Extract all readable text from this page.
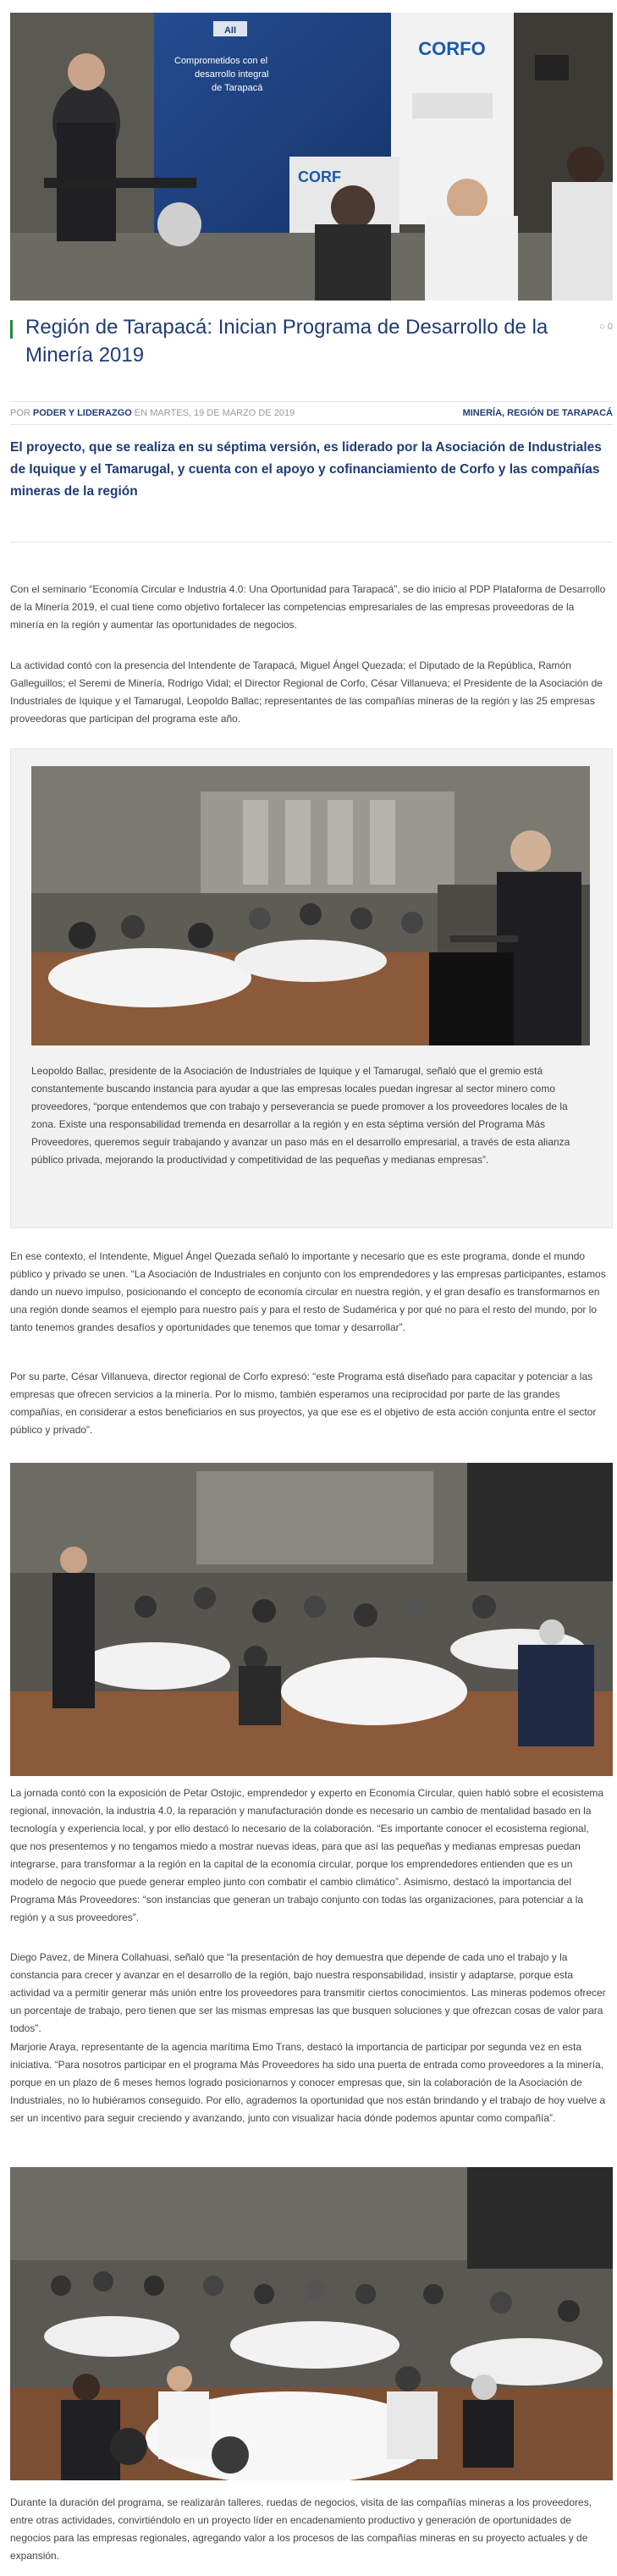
AII
Comprometidos con el
desarrollo integral
de Tarapacá
CORFO
CORF
Región de Tarapacá: Inician Programa de Desarrollo de la Minería 2019
○ 0
POR PODER Y LIDERAZGO EN MARTES, 19 DE MARZO DE 2019	MINERÍA, REGIÓN DE TARAPACÁ
El proyecto, que se realiza en su séptima versión, es liderado por la Asociación de Industriales de Iquique y el Tamarugal, y cuenta con el apoyo y cofinanciamiento de Corfo y las compañías mineras de la región

Con el seminario “Economía Circular e Industria 4.0: Una Oportunidad para Tarapacá”, se dio inicio al PDP Plataforma de Desarrollo de la Minería 2019, el cual tiene como objetivo fortalecer las competencias empresariales de las empresas proveedoras de la minería en la región y aumentar las oportunidades de negocios.

La actividad contó con la presencia del Intendente de Tarapacá, Miguel Ángel Quezada; el Diputado de la República, Ramón Galleguillos; el Seremi de Minería, Rodrigo Vidal; el Director Regional de Corfo, César Villanueva; el Presidente de la Asociación de Industriales de Iquique y el Tamarugal, Leopoldo Ballac; representantes de las compañías mineras de la región y las 25 empresas proveedoras que participan del programa este año.

Leopoldo Ballac, presidente de la Asociación de Industriales de Iquique y el Tamarugal, señaló que el gremio está constantemente buscando instancia para ayudar a que las empresas locales puedan ingresar al sector minero como proveedores, “porque entendemos que con trabajo y perseverancia se puede promover a los proveedores locales de la zona. Existe una responsabilidad tremenda en desarrollar a la región y en esta séptima versión del Programa Más Proveedores, queremos seguir trabajando y avanzar un paso más en el desarrollo empresarial, a través de esta alianza público privada, mejorando la productividad y competitividad de las pequeñas y medianas empresas”.

En ese contexto, el Intendente, Miguel Ángel Quezada señaló lo importante y necesario que es este programa, donde el mundo público y privado se unen. “La Asociación de Industriales en conjunto con los emprendedores y las empresas participantes, estamos dando un nuevo impulso, posicionando el concepto de economía circular en nuestra región, y el gran desafío es transformarnos en una región donde seamos el ejemplo para nuestro país y para el resto de Sudamérica y por qué no para el resto del mundo, por lo tanto tenemos grandes desafíos y oportunidades que tenemos que tomar y desarrollar”.

Por su parte, César Villanueva, director regional de Corfo expresó: “este Programa está diseñado para capacitar y potenciar a las empresas que ofrecen servicios a la minería. Por lo mismo, también esperamos una reciprocidad por parte de las grandes compañías, en considerar a estos beneficiarios en sus proyectos, ya que ese es el objetivo de esta acción conjunta entre el sector público y privado”.

La jornada contó con la exposición de Petar Ostojic, emprendedor y experto en Economía Circular, quien habló sobre el ecosistema regional, innovación, la industria 4.0, la reparación y manufacturación donde es necesario un cambio de mentalidad basado en la tecnología y experiencia local, y por ello destacó lo necesario de la colaboración. “Es importante conocer el ecosistema regional, que nos presentemos y no tengamos miedo a mostrar nuevas ideas, para que así las pequeñas y medianas empresas puedan integrarse, para transformar a la región en la capital de la economía circular, porque los emprendedores entienden que es un modelo de negocio que puede generar empleo junto con combatir el cambio climático”. Asimismo, destacó la importancia del Programa Más Proveedores: “son instancias que generan un trabajo conjunto con todas las organizaciones, para potenciar a la región y a sus proveedores”.

Diego Pavez, de Minera Collahuasi, señaló que “la presentación de hoy demuestra que depende de cada uno el trabajo y la constancia para crecer y avanzar en el desarrollo de la región, bajo nuestra responsabilidad, insistir y adaptarse, porque esta actividad va a permitir generar más unión entre los proveedores para transmitir ciertos conocimientos. Las mineras podemos ofrecer un porcentaje de trabajo, pero tienen que ser las mismas empresas las que busquen soluciones y que ofrezcan cosas de valor para todos”.

Marjorie Araya, representante de la agencia marítima Emo Trans, destacó la importancia de participar por segunda vez en esta iniciativa. “Para nosotros participar en el programa Más Proveedores ha sido una puerta de entrada como proveedores a la minería, porque en un plazo de 6 meses hemos logrado posicionarnos y conocer empresas que, sin la colaboración de la Asociación de Industriales, no lo hubiéramos conseguido. Por ello, agrademos la oportunidad que nos están brindando y el trabajo de hoy vuelve a ser un incentivo para seguir creciendo y avanzando, junto con visualizar hacia dónde podemos apuntar como compañía”.

Durante la duración del programa, se realizarán talleres, ruedas de negocios, visita de las compañías mineras a los proveedores, entre otras actividades, convirtiéndolo en un proyecto líder en encadenamiento productivo y generación de oportunidades de negocios para las empresas regionales, agregando valor a los procesos de las compañías mineras en su proyecto actuales y de expansión.
